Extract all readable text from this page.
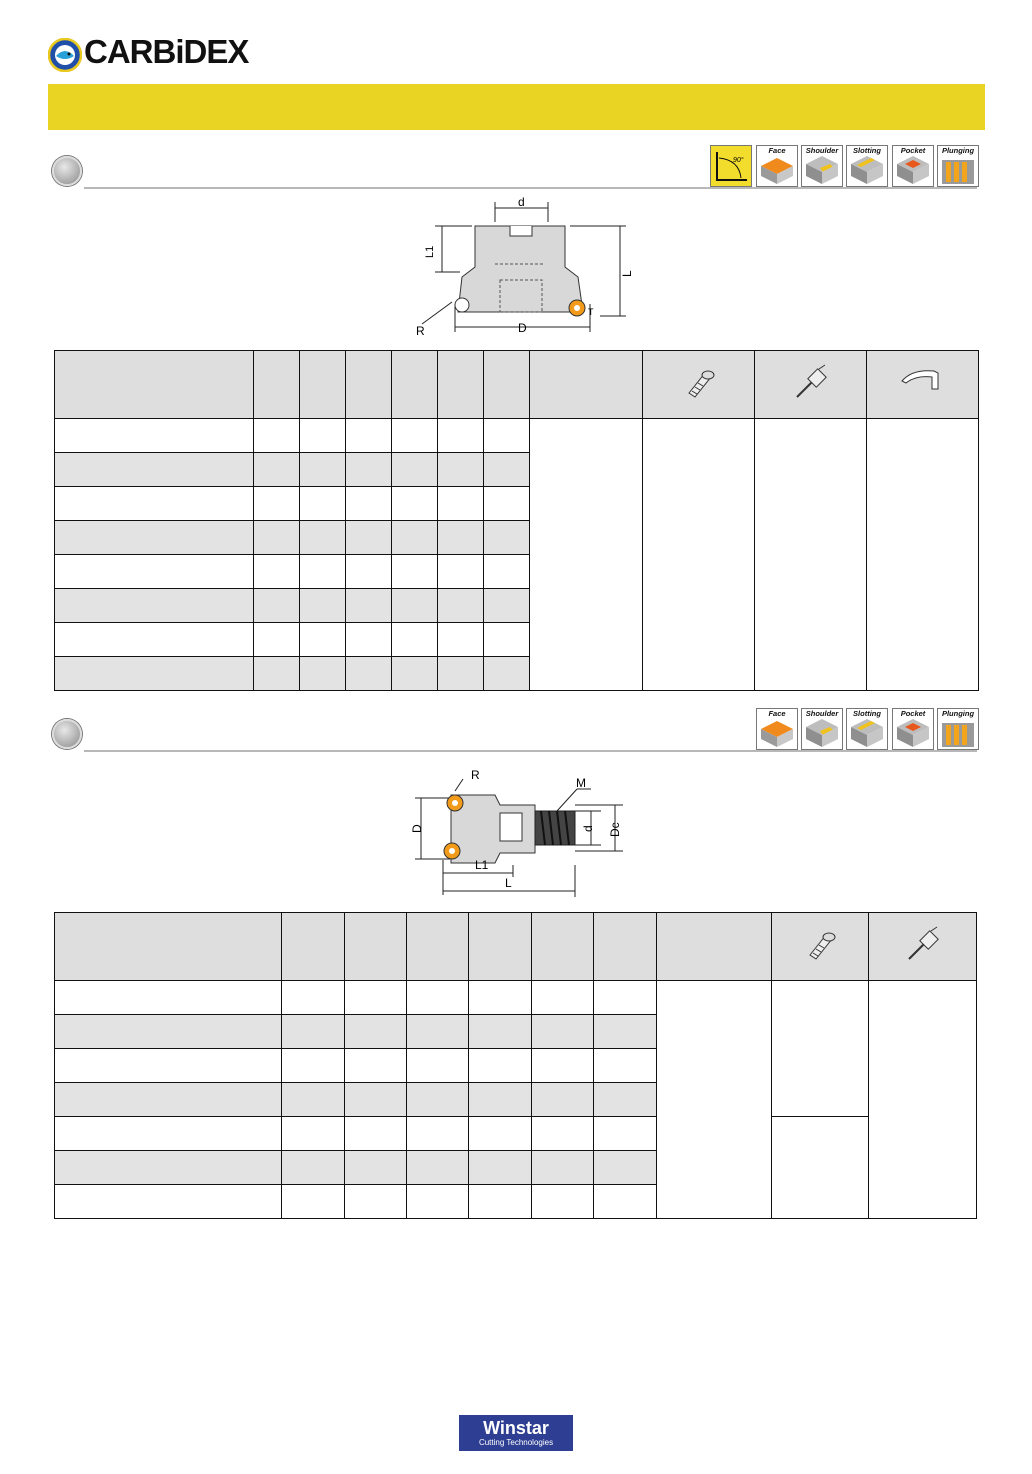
CARBiDEX
90°
Face	Shoulder	Slotting	Pocket	Plunging
d
L1
L
R	D
T

Face	Shoulder	Slotting	Pocket	Plunging
R
M
D	d Dc
L1
L

Winstar
Cutting Technologies
